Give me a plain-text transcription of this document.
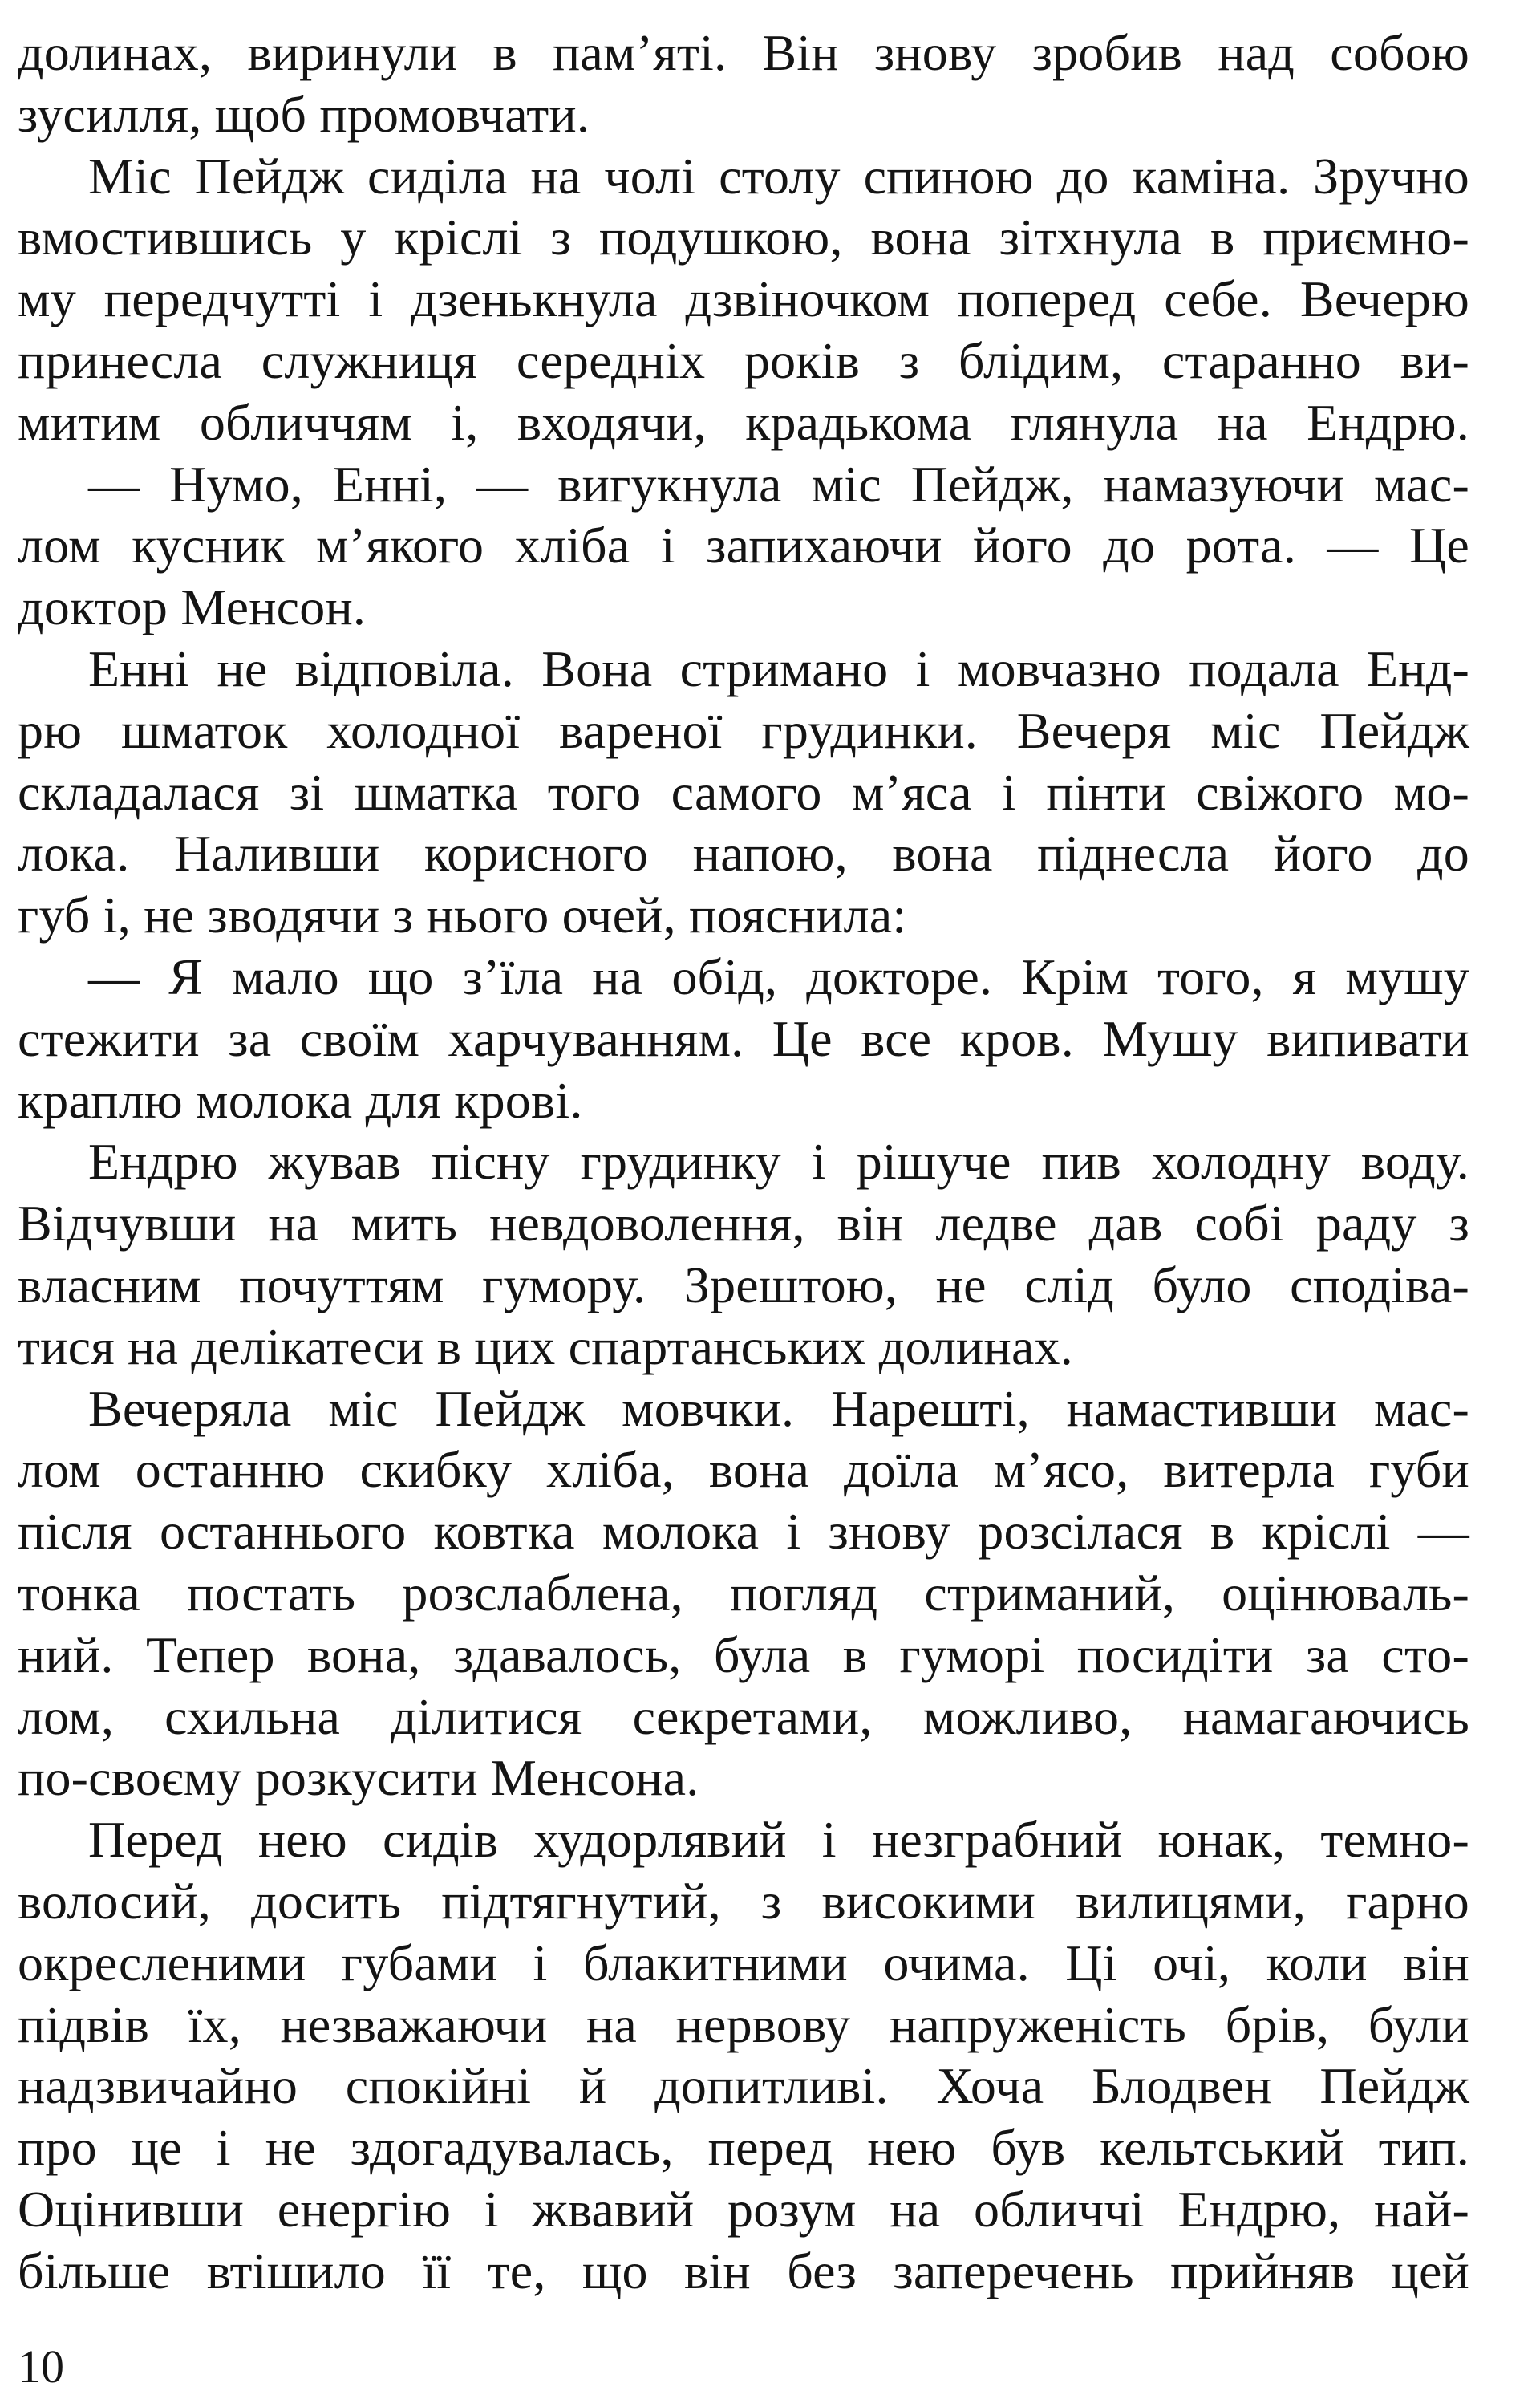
долинах, виринули в пам’яті. Він знову зробив над собою
зусилля, щоб промовчати.
Міс Пейдж сиділа на чолі столу спиною до каміна. Зручно
вмостившись у кріслі з подушкою, вона зітхнула в приємно-
му передчутті і дзенькнула дзвіночком поперед себе. Вечерю
принесла служниця середніх років з блідим, старанно ви-
митим обличчям і, входячи, крадькома глянула на Ендрю.
— Нумо, Енні, — вигукнула міс Пейдж, намазуючи мас-
лом кусник м’якого хліба і запихаючи його до рота. — Це
доктор Менсон.
Енні не відповіла. Вона стримано і мовчазно подала Енд-
рю шматок холодної вареної грудинки. Вечеря міс Пейдж
складалася зі шматка того самого м’яса і пінти свіжого мо-
лока. Наливши корисного напою, вона піднесла його до
губ і, не зводячи з нього очей, пояснила:
— Я мало що з’їла на обід, докторе. Крім того, я мушу
стежити за своїм харчуванням. Це все кров. Мушу випивати
краплю молока для крові.
Ендрю жував пісну грудинку і рішуче пив холодну воду.
Відчувши на мить невдоволення, він ледве дав собі раду з
власним почуттям гумору. Зрештою, не слід було сподіва-
тися на делікатеси в цих спартанських долинах.
Вечеряла міс Пейдж мовчки. Нарешті, намастивши мас-
лом останню скибку хліба, вона доїла м’ясо, витерла губи
після останнього ковтка молока і знову розсілася в кріслі —
тонка постать розслаблена, погляд стриманий, оцінюваль-
ний. Тепер вона, здавалось, була в гуморі посидіти за сто-
лом, схильна ділитися секретами, можливо, намагаючись
по-своєму розкусити Менсона.
Перед нею сидів худорлявий і незграбний юнак, темно-
волосий, досить підтягнутий, з високими вилицями, гарно
окресленими губами і блакитними очима. Ці очі, коли він
підвів їх, незважаючи на нервову напруженість брів, були
надзвичайно спокійні й допитливі. Хоча Блодвен Пейдж
про це і не здогадувалась, перед нею був кельтський тип.
Оцінивши енергію і жвавий розум на обличчі Ендрю, най-
більше втішило її те, що він без заперечень прийняв цей
10
